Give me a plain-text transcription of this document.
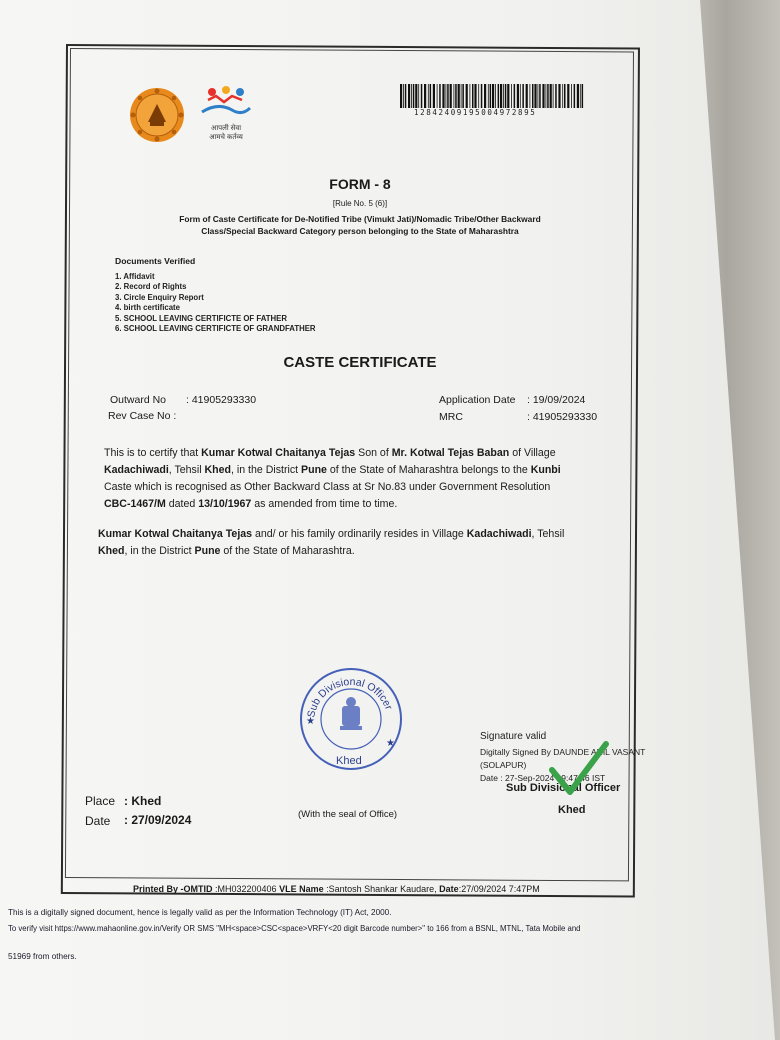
आपली सेवा
आमचे कर्तव्य
12842409195004972895
FORM - 8
[Rule No. 5 (6)]
Form of Caste Certificate for De-Notified Tribe (Vimukt Jati)/Nomadic Tribe/Other Backward
Class/Special Backward Category person belonging to the State of Maharashtra
Documents Verified
1. Affidavit
2. Record of Rights
3. Circle Enquiry Report
4. birth certificate
5. SCHOOL LEAVING CERTIFICTE OF FATHER
6. SCHOOL LEAVING CERTIFICTE OF GRANDFATHER
CASTE CERTIFICATE
Outward No : 41905293330
Rev Case No :
Application Date : 19/09/2024
MRC	: 41905293330
This is to certify that Kumar Kotwal Chaitanya Tejas Son of Mr. Kotwal Tejas Baban of Village
Kadachiwadi, Tehsil Khed, in the District Pune of the State of Maharashtra belongs to the Kunbi
Caste which is recognised as Other Backward Class at Sr No.83 under Government Resolution
CBC-1467/M dated 13/10/1967 as amended from time to time.
Kumar Kotwal Chaitanya Tejas and/ or his family ordinarily resides in Village Kadachiwadi, Tehsil
Khed, in the District Pune of the State of Maharashtra.
Sub Divisional Officer
★
★
Khed
Signature valid
Digitally Signed By DAUNDE ANIL VASANT
(SOLAPUR)
Date : 27-Sep-2024 19:47:46 IST
Sub Divisional Officer
Khed
Place : Khed
Date : 27/09/2024	(With the seal of Office)
Printed By -OMTID :MH032200406 VLE Name :Santosh Shankar Kaudare, Date:27/09/2024 7:47PM
This is a digitally signed document, hence is legally valid as per the Information Technology (IT) Act, 2000.
To verify visit https://www.mahaonline.gov.in/Verify OR SMS "MH<space>CSC<space>VRFY<20 digit Barcode number>" to 166 from a BSNL, MTNL, Tata Mobile and
51969 from others.
